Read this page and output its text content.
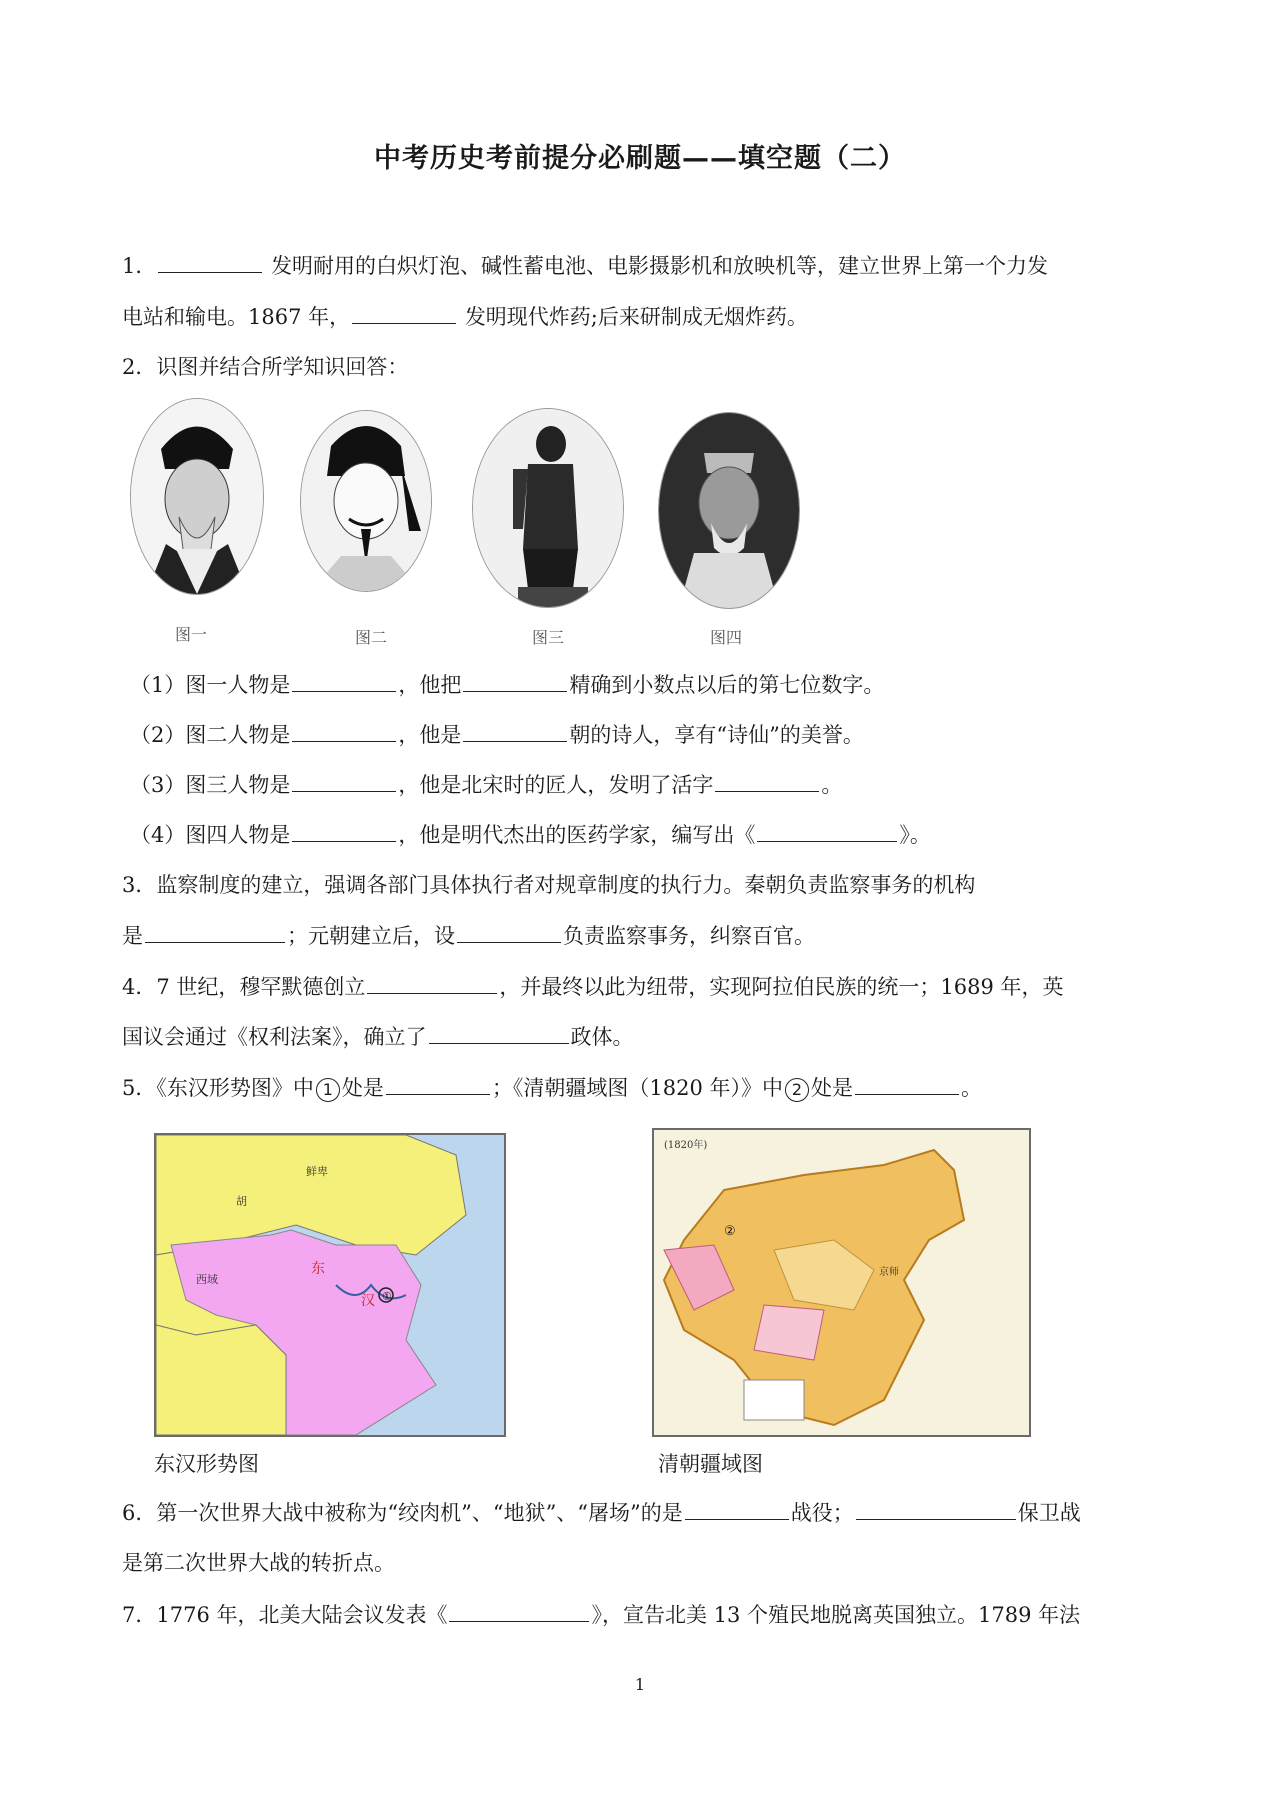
中考历史考前提分必刷题——填空题（二）
1．	发明耐用的白炽灯泡、碱性蓄电池、电影摄影机和放映机等，建立世界上第一个力发
电站和输电。1867 年，	发明现代炸药;后来研制成无烟炸药。
2．识图并结合所学知识回答：
图一	图二	图三	图四
（1）图一人物是	，他把	精确到小数点以后的第七位数字。
（2）图二人物是	，他是	朝的诗人，享有“诗仙”的美誉。
（3）图三人物是	，他是北宋时的匠人，发明了活字	。
（4）图四人物是	，他是明代杰出的医药学家，编写出《	》。
3．监察制度的建立，强调各部门具体执行者对规章制度的执行力。秦朝负责监察事务的机构
是	；元朝建立后，设	负责监察事务，纠察百官。
4．7 世纪，穆罕默德创立	，并最终以此为纽带，实现阿拉伯民族的统一；1689 年，英
国议会通过《权利法案》，确立了	政体。
5．《东汉形势图》中 1 处是	；《清朝疆域图（1820 年）》中 2 处是	。
①
东
汉
西域
鲜卑
胡
②
(1820年)
京师
东汉形势图	清朝疆域图
6．第一次世界大战中被称为“绞肉机”、“地狱”、“屠场”的是	战役；	保卫战
是第二次世界大战的转折点。
7．1776 年，北美大陆会议发表《	》，宣告北美 13 个殖民地脱离英国独立。1789 年法
1
